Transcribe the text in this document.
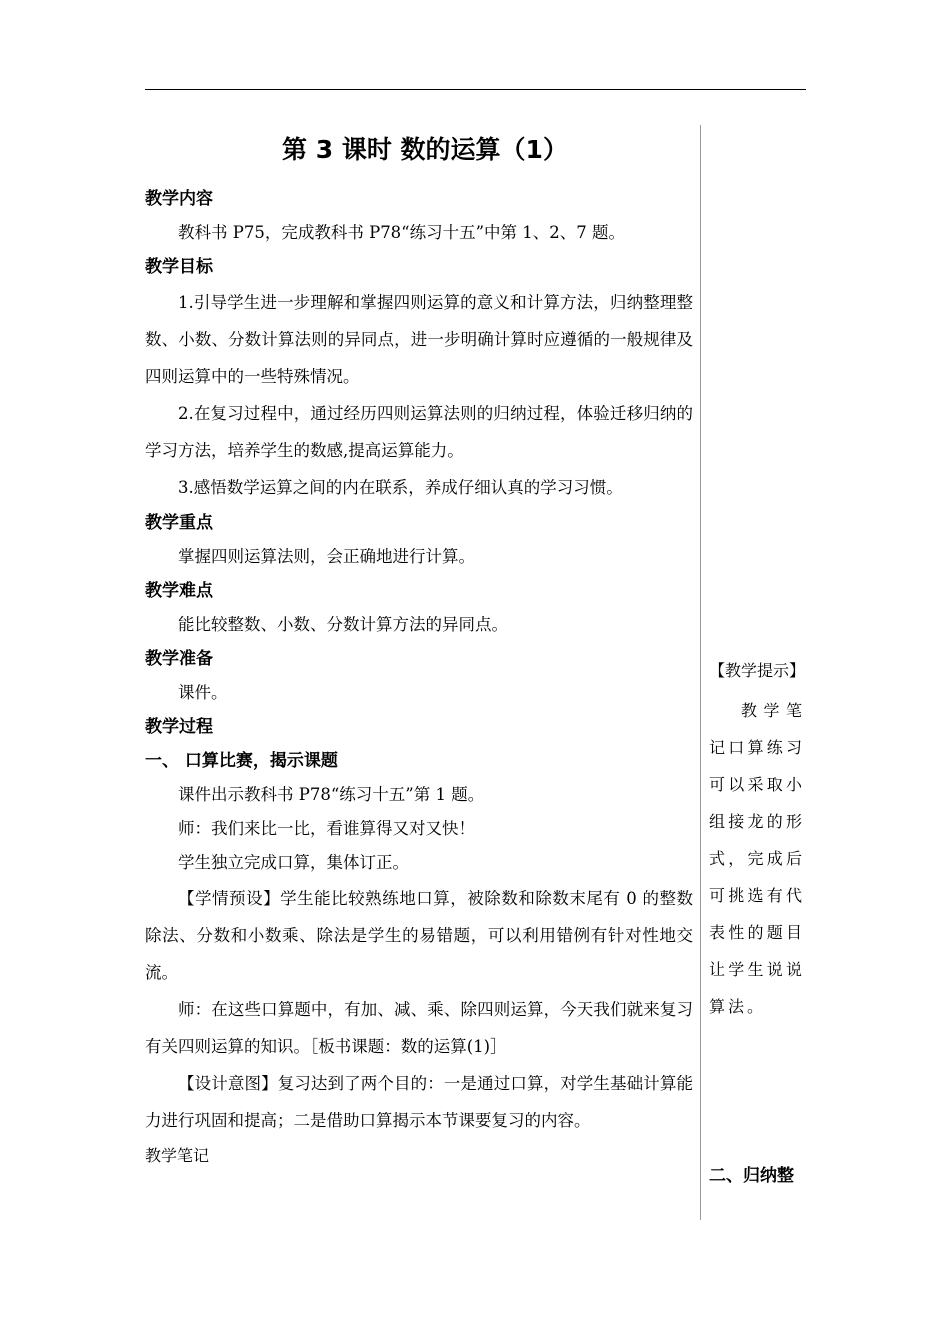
第 3 课时 数的运算（1）

教学内容

教科书 P75，完成教科书 P78“练习十五”中第 1、2、7 题。

教学目标

1.引导学生进一步理解和掌握四则运算的意义和计算方法，归纳整理整数、小数、分数计算法则的异同点，进一步明确计算时应遵循的一般规律及四则运算中的一些特殊情况。

2.在复习过程中，通过经历四则运算法则的归纳过程，体验迁移归纳的学习方法，培养学生的数感,提高运算能力。

3.感悟数学运算之间的内在联系，养成仔细认真的学习习惯。

教学重点

掌握四则运算法则，会正确地进行计算。

教学难点

能比较整数、小数、分数计算方法的异同点。

教学准备

课件。

教学过程

一、 口算比赛，揭示课题

课件出示教科书 P78“练习十五”第 1 题。

师：我们来比一比，看谁算得又对又快！

学生独立完成口算，集体订正。

【学情预设】学生能比较熟练地口算，被除数和除数末尾有 0 的整数除法、分数和小数乘、除法是学生的易错题，可以利用错例有针对性地交流。

师：在这些口算题中，有加、减、乘、除四则运算，今天我们就来复习有关四则运算的知识。［板书课题：数的运算(1)］

【设计意图】复习达到了两个目的：一是通过口算，对学生基础计算能力进行巩固和提高；二是借助口算揭示本节课要复习的内容。

教学笔记

【教学提示】

教学笔记口算练习可以采取小组接龙的形式，完成后可挑选有代表性的题目让学生说说算法。

二、归纳整
